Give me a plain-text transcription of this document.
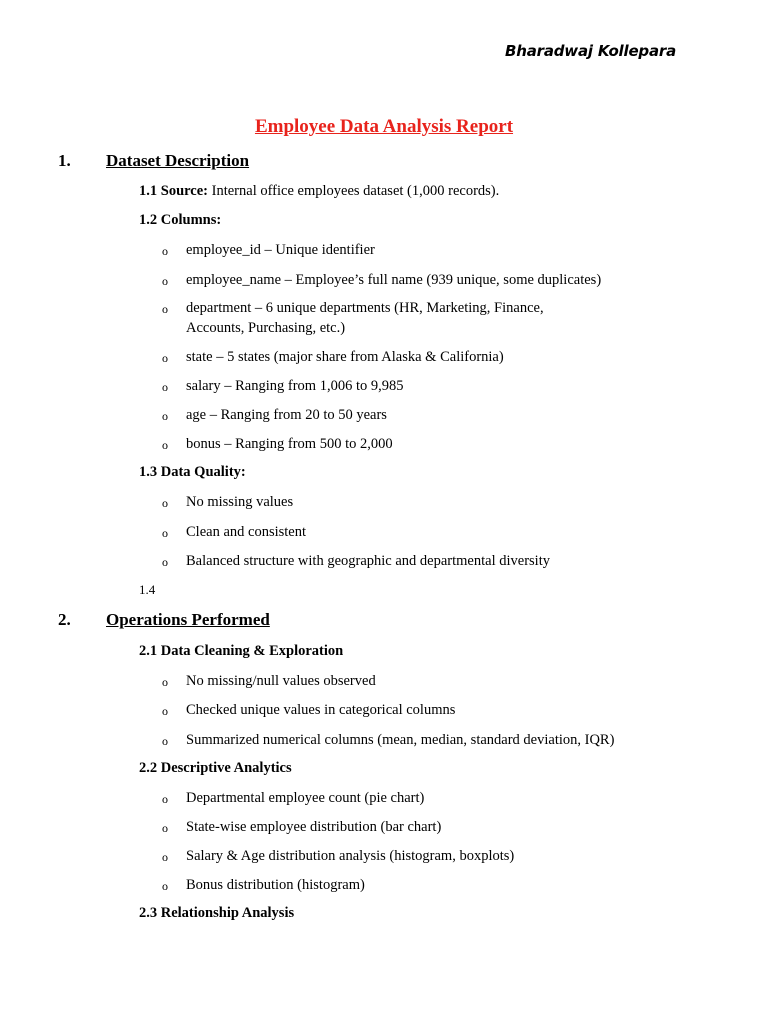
Bharadwaj Kollepara
Employee Data Analysis Report
1. Dataset Description
1.1 Source: Internal office employees dataset (1,000 records).
1.2 Columns:
o employee_id – Unique identifier
o employee_name – Employee’s full name (939 unique, some duplicates)
o department – 6 unique departments (HR, Marketing, Finance, Accounts, Purchasing, etc.)
o state – 5 states (major share from Alaska & California)
o salary – Ranging from 1,006 to 9,985
o age – Ranging from 20 to 50 years
o bonus – Ranging from 500 to 2,000
1.3 Data Quality:
o No missing values
o Clean and consistent
o Balanced structure with geographic and departmental diversity
1.4
2. Operations Performed
2.1 Data Cleaning & Exploration
o No missing/null values observed
o Checked unique values in categorical columns
o Summarized numerical columns (mean, median, standard deviation, IQR)
2.2 Descriptive Analytics
o Departmental employee count (pie chart)
o State-wise employee distribution (bar chart)
o Salary & Age distribution analysis (histogram, boxplots)
o Bonus distribution (histogram)
2.3 Relationship Analysis
